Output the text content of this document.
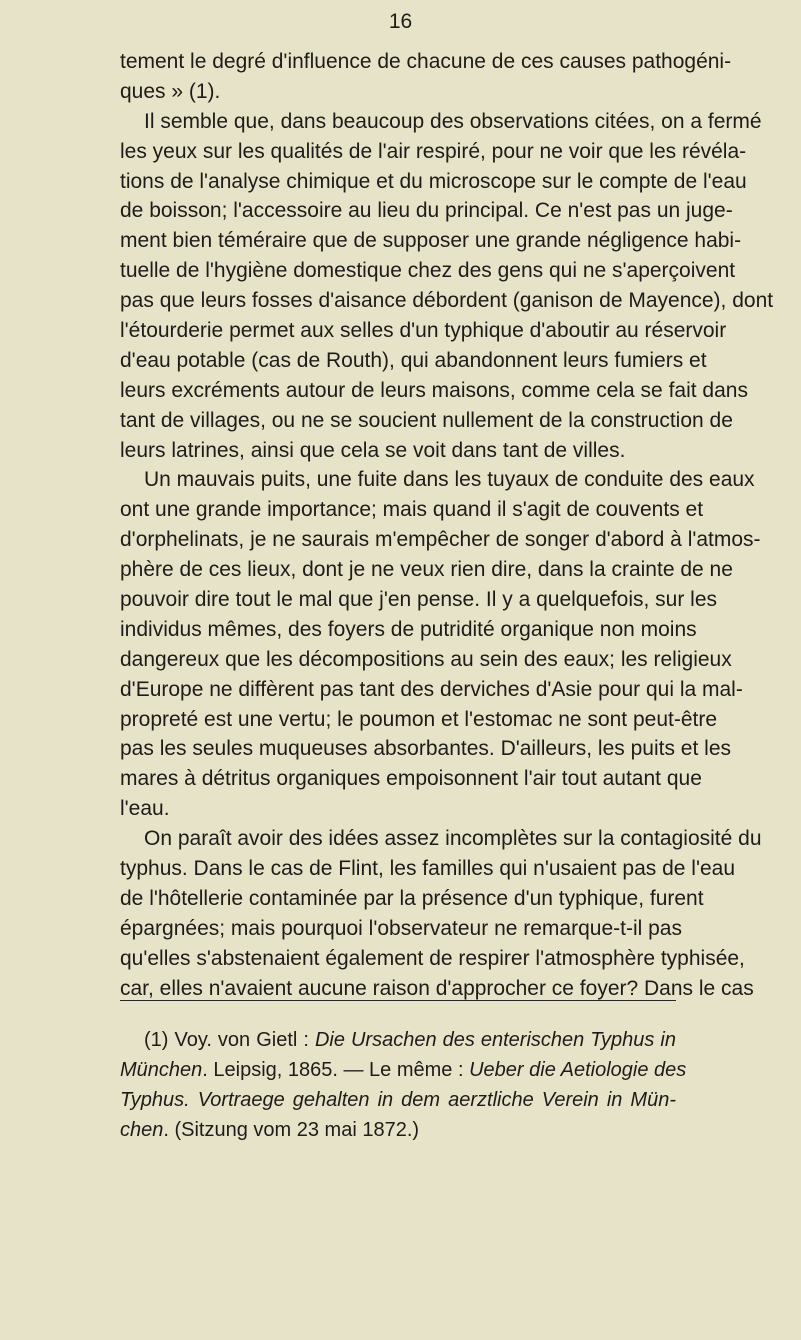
16
tement le degré d'influence de chacune de ces causes pathogéni-
ques » (1).
Il semble que, dans beaucoup des observations citées, on a fermé
les yeux sur les qualités de l'air respiré, pour ne voir que les révéla-
tions de l'analyse chimique et du microscope sur le compte de l'eau
de boisson; l'accessoire au lieu du principal. Ce n'est pas un juge-
ment bien téméraire que de supposer une grande négligence habi-
tuelle de l'hygiène domestique chez des gens qui ne s'aperçoivent
pas que leurs fosses d'aisance débordent (ganison de Mayence), dont
l'étourderie permet aux selles d'un typhique d'aboutir au réservoir
d'eau potable (cas de Routh), qui abandonnent leurs fumiers et
leurs excréments autour de leurs maisons, comme cela se fait dans
tant de villages, ou ne se soucient nullement de la construction de
leurs latrines, ainsi que cela se voit dans tant de villes.
Un mauvais puits, une fuite dans les tuyaux de conduite des eaux
ont une grande importance; mais quand il s'agit de couvents et
d'orphelinats, je ne saurais m'empêcher de songer d'abord à l'atmos-
phère de ces lieux, dont je ne veux rien dire, dans la crainte de ne
pouvoir dire tout le mal que j'en pense. Il y a quelquefois, sur les
individus mêmes, des foyers de putridité organique non moins
dangereux que les décompositions au sein des eaux; les religieux
d'Europe ne diffèrent pas tant des derviches d'Asie pour qui la mal-
propreté est une vertu; le poumon et l'estomac ne sont peut-être
pas les seules muqueuses absorbantes. D'ailleurs, les puits et les
mares à détritus organiques empoisonnent l'air tout autant que
l'eau.
On paraît avoir des idées assez incomplètes sur la contagiosité du
typhus. Dans le cas de Flint, les familles qui n'usaient pas de l'eau
de l'hôtellerie contaminée par la présence d'un typhique, furent
épargnées; mais pourquoi l'observateur ne remarque-t-il pas
qu'elles s'abstenaient également de respirer l'atmosphère typhisée,
car, elles n'avaient aucune raison d'approcher ce foyer? Dans le cas
(1) Voy. von Gietl : Die Ursachen des enterischen Typhus in
München. Leipsig, 1865. — Le même : Ueber die Aetiologie des
Typhus. Vortraege gehalten in dem aerztliche Verein in Mün-
chen. (Sitzung vom 23 mai 1872.)
